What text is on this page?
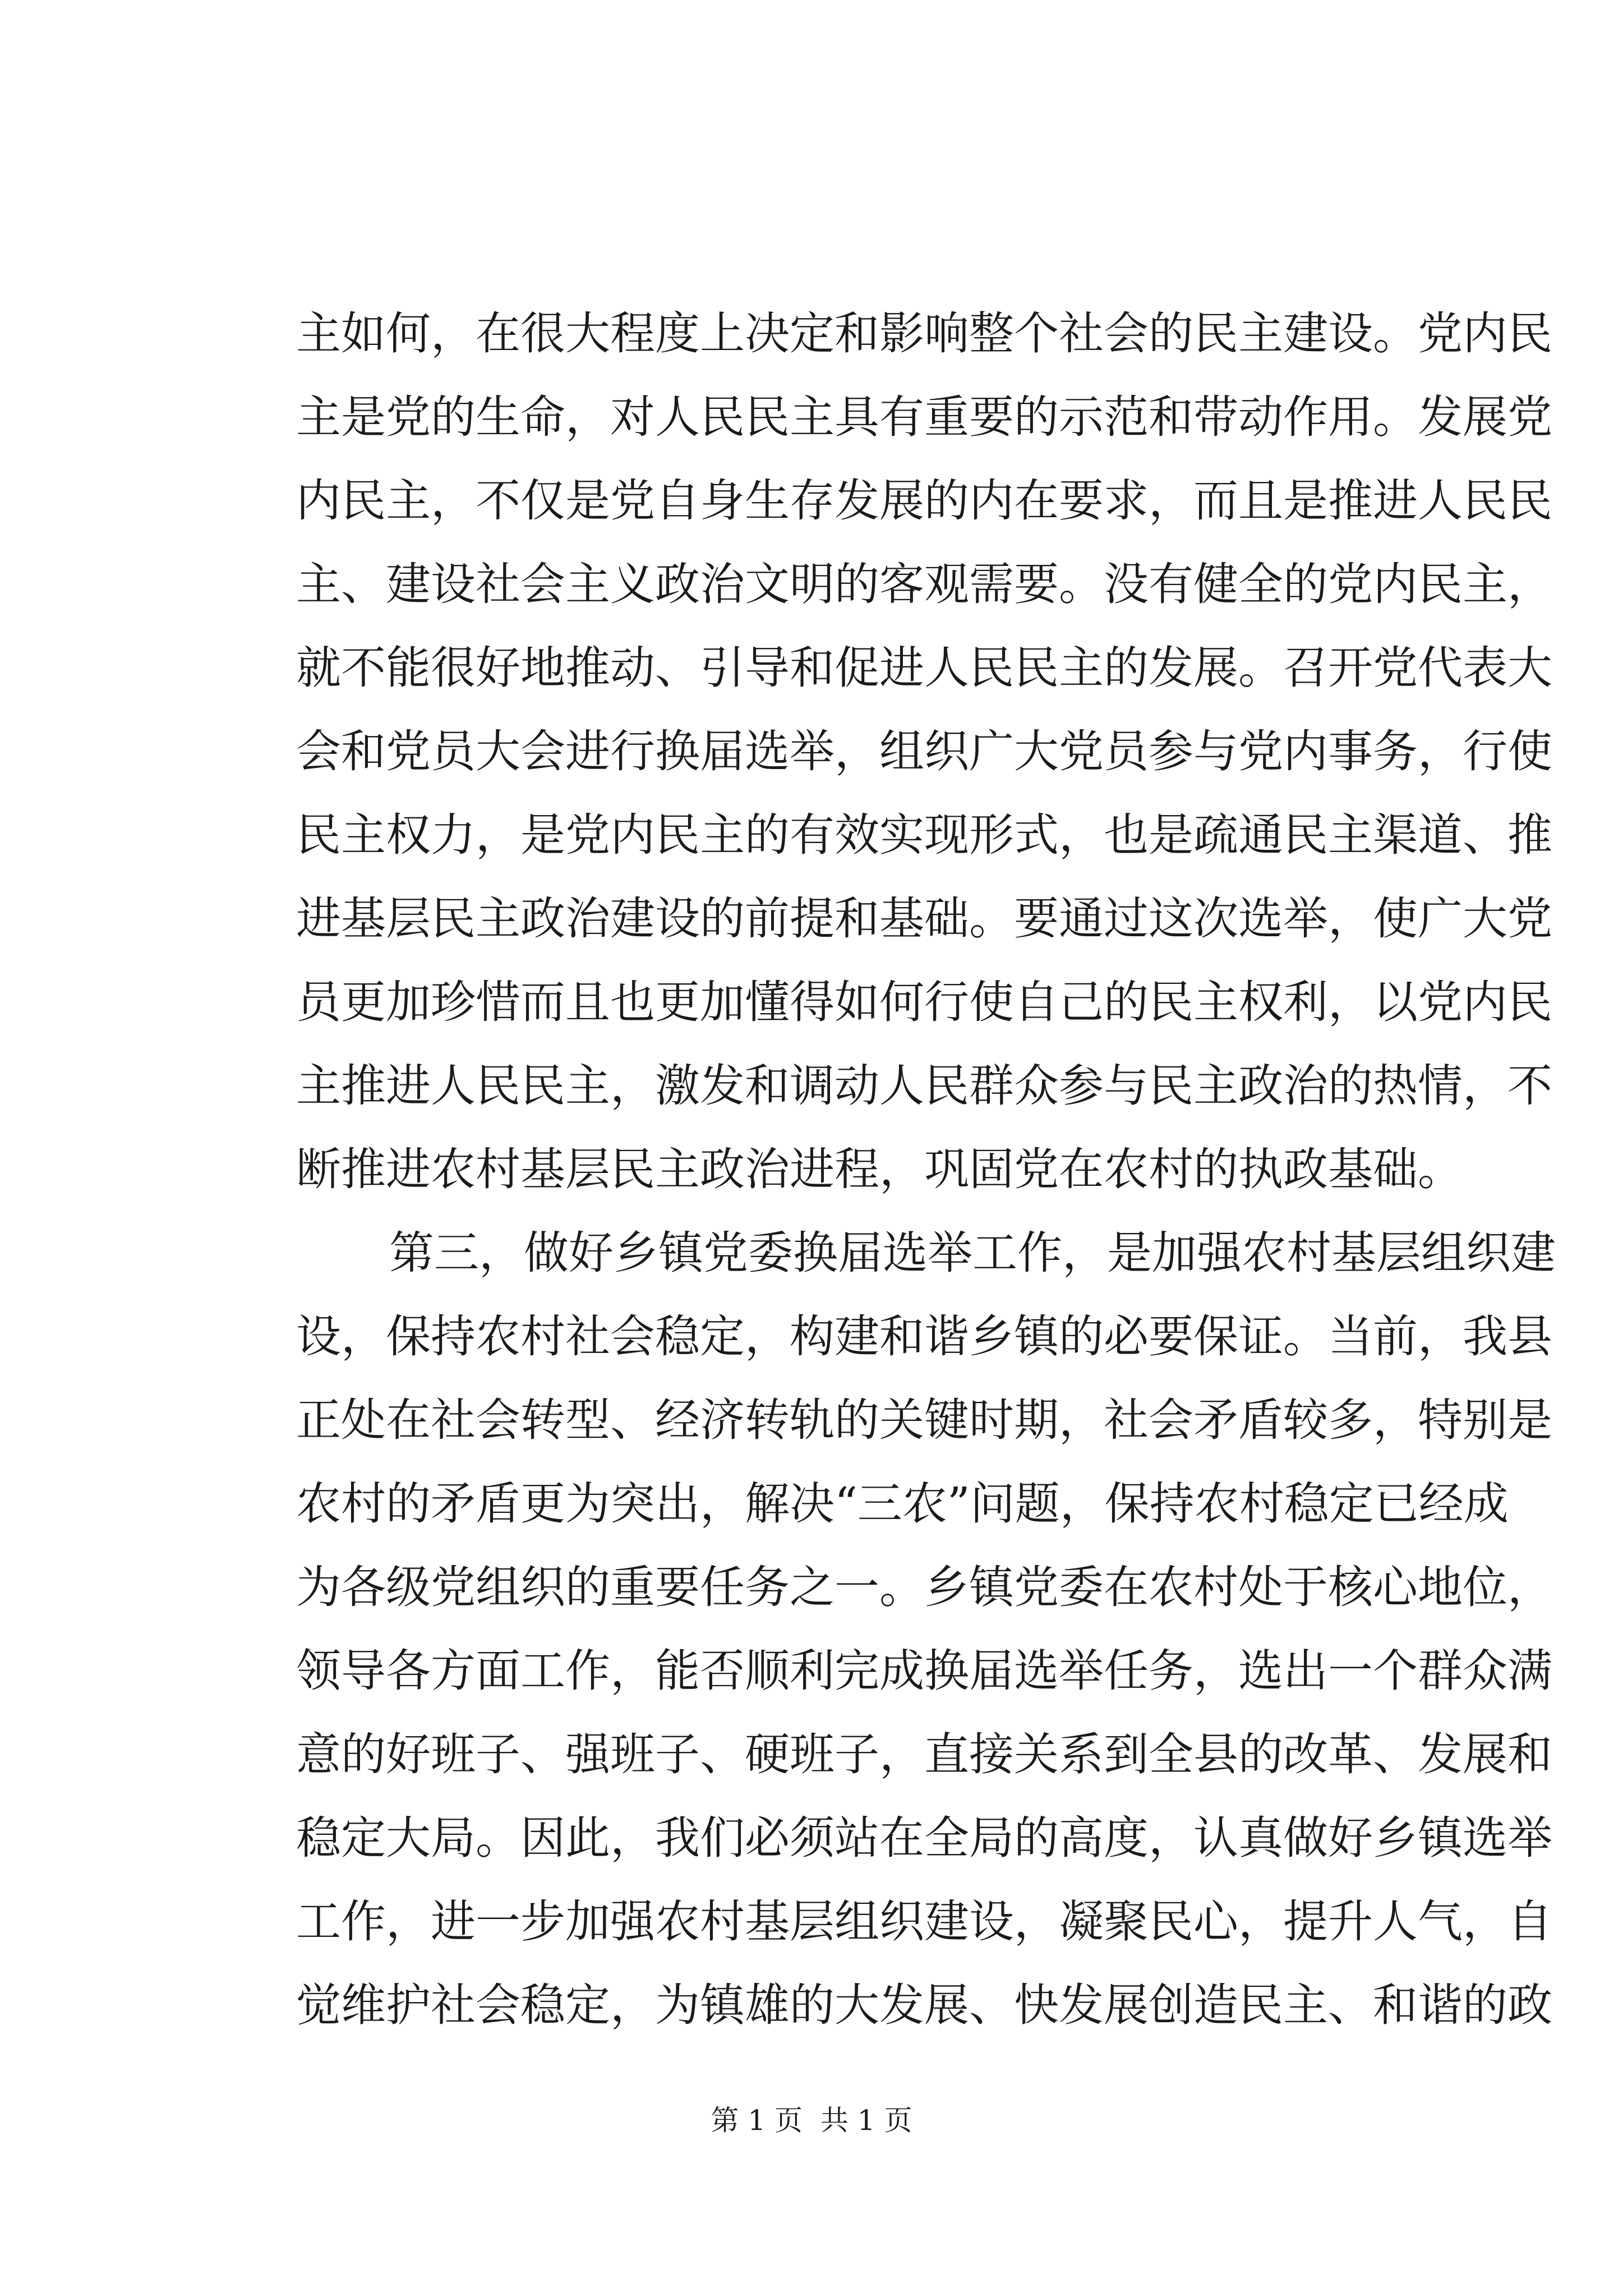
主如何，在很大程度上决定和影响整个社会的民主建设。党内民
主是党的生命，对人民民主具有重要的示范和带动作用。发展党
内民主，不仅是党自身生存发展的内在要求，而且是推进人民民
主、建设社会主义政治文明的客观需要。没有健全的党内民主，
就不能很好地推动、引导和促进人民民主的发展。召开党代表大
会和党员大会进行换届选举，组织广大党员参与党内事务，行使
民主权力，是党内民主的有效实现形式，也是疏通民主渠道、推
进基层民主政治建设的前提和基础。要通过这次选举，使广大党
员更加珍惜而且也更加懂得如何行使自己的民主权利，以党内民
主推进人民民主，激发和调动人民群众参与民主政治的热情，不
断推进农村基层民主政治进程，巩固党在农村的执政基础。
第三，做好乡镇党委换届选举工作，是加强农村基层组织建
设，保持农村社会稳定，构建和谐乡镇的必要保证。当前，我县
正处在社会转型、经济转轨的关键时期，社会矛盾较多，特别是
农村的矛盾更为突出，解决“三农”问题，保持农村稳定已经成
为各级党组织的重要任务之一。乡镇党委在农村处于核心地位，
领导各方面工作，能否顺利完成换届选举任务，选出一个群众满
意的好班子、强班子、硬班子，直接关系到全县的改革、发展和
稳定大局。因此，我们必须站在全局的高度，认真做好乡镇选举
工作，进一步加强农村基层组织建设，凝聚民心，提升人气，自
觉维护社会稳定，为镇雄的大发展、快发展创造民主、和谐的政
第 1 页  共 1 页
